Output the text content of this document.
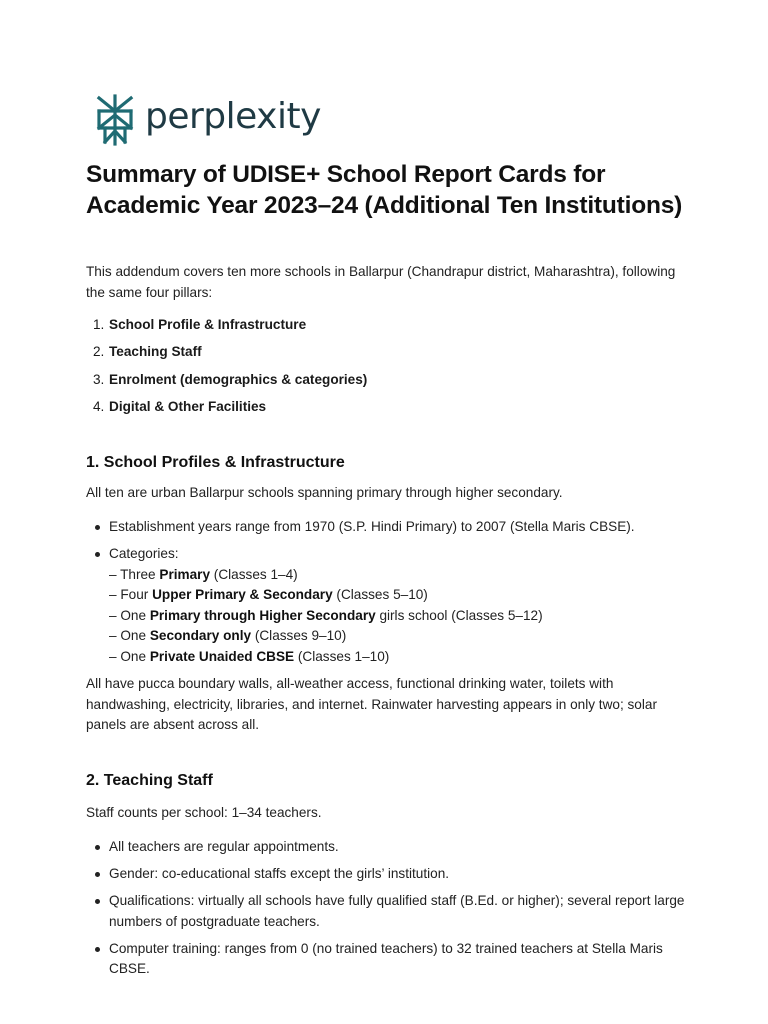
perplexity
Summary of UDISE+ School Report Cards for Academic Year 2023–24 (Additional Ten Institutions)

This addendum covers ten more schools in Ballarpur (Chandrapur district, Maharashtra), following the same four pillars:

1. School Profile & Infrastructure
2. Teaching Staff
3. Enrolment (demographics & categories)
4. Digital & Other Facilities
1. School Profiles & Infrastructure

All ten are urban Ballarpur schools spanning primary through higher secondary.

Establishment years range from 1970 (S.P. Hindi Primary) to 2007 (Stella Maris CBSE).
Categories:
– Three Primary (Classes 1–4)
– Four Upper Primary & Secondary (Classes 5–10)
– One Primary through Higher Secondary girls school (Classes 5–12)
– One Secondary only (Classes 9–10)
– One Private Unaided CBSE (Classes 1–10)

All have pucca boundary walls, all-weather access, functional drinking water, toilets with handwashing, electricity, libraries, and internet. Rainwater harvesting appears in only two; solar panels are absent across all.

2. Teaching Staff

Staff counts per school: 1–34 teachers.

All teachers are regular appointments.
Gender: co-educational staffs except the girls’ institution.
Qualifications: virtually all schools have fully qualified staff (B.Ed. or higher); several report large numbers of postgraduate teachers.
Computer training: ranges from 0 (no trained teachers) to 32 trained teachers at Stella Maris CBSE.
